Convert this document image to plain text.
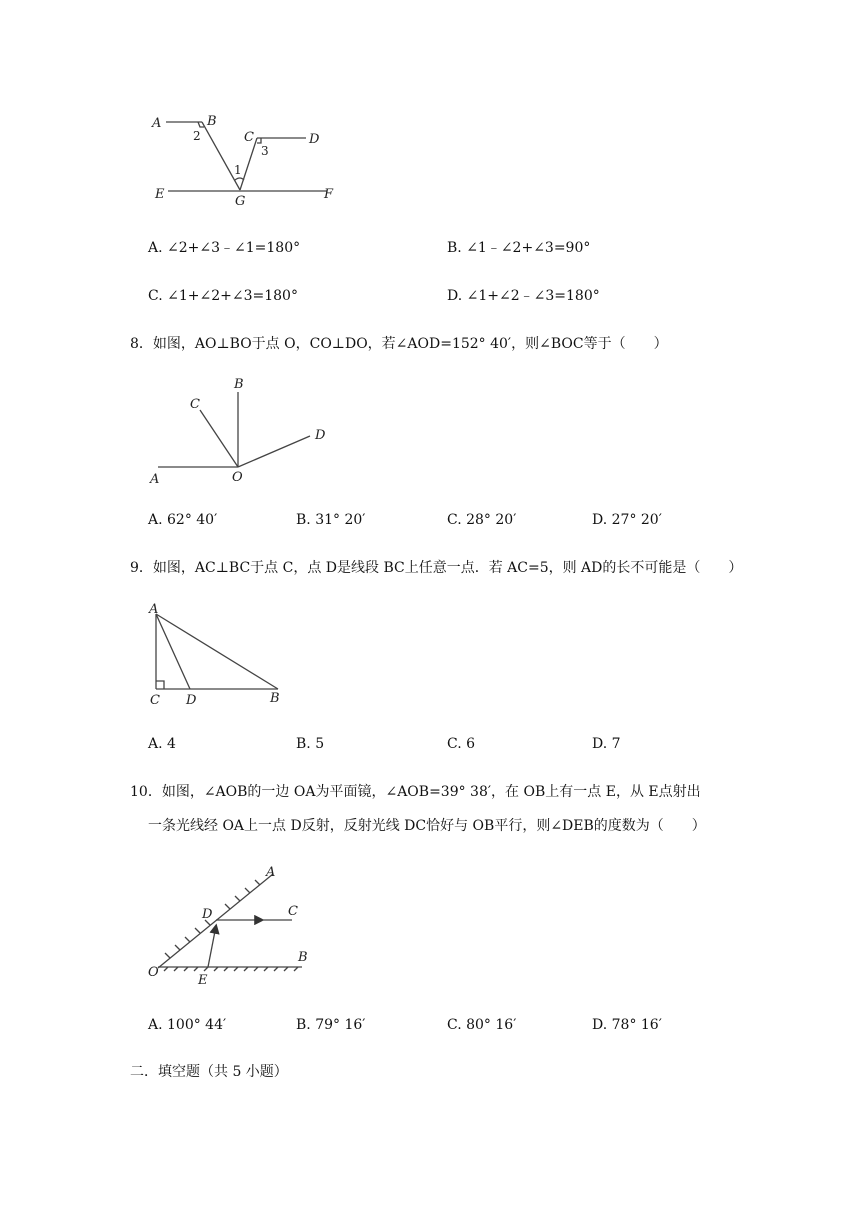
A	B
2	C
3
D
1
E	G	F
A. ∠2+∠3﹣∠1=180°	B. ∠1﹣∠2+∠3=90°
C. ∠1+∠2+∠3=180°	D. ∠1+∠2﹣∠3=180°
8．如图，AO⊥BO于点 O，CO⊥DO，若∠AOD=152° 40′，则∠BOC等于（　　）
B
C
D
A	O
A. 62° 40′	B. 31° 20′	C. 28° 20′	D. 27° 20′
9．如图，AC⊥BC于点 C，点 D是线段 BC上任意一点．若 AC=5，则 AD的长不可能是（　　）
A
C D	B
A. 4	B. 5	C. 6	D. 7
10．如图，∠AOB的一边 OA为平面镜，∠AOB=39° 38′，在 OB上有一点 E，从 E点射出
一条光线经 OA上一点 D反射，反射光线 DC恰好与 OB平行，则∠DEB的度数为（　　）
A
D	C
B
O
E
A. 100° 44′	B. 79° 16′	C. 80° 16′	D. 78° 16′
二．填空题（共 5 小题）
